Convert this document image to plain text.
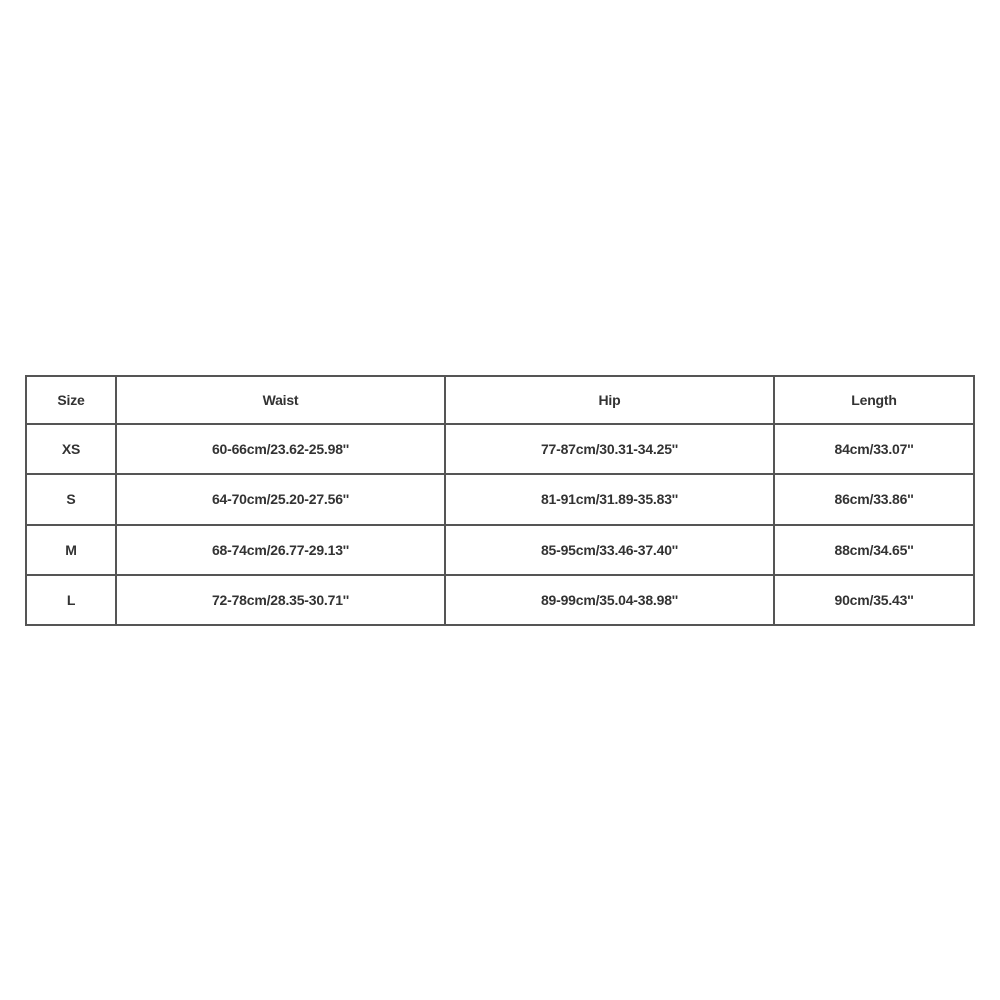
Size	Waist	Hip	Length
XS	60-66cm/23.62-25.98''	77-87cm/30.31-34.25''	84cm/33.07''
S	64-70cm/25.20-27.56''	81-91cm/31.89-35.83''	86cm/33.86''
M	68-74cm/26.77-29.13''	85-95cm/33.46-37.40''	88cm/34.65''
L	72-78cm/28.35-30.71''	89-99cm/35.04-38.98''	90cm/35.43''
